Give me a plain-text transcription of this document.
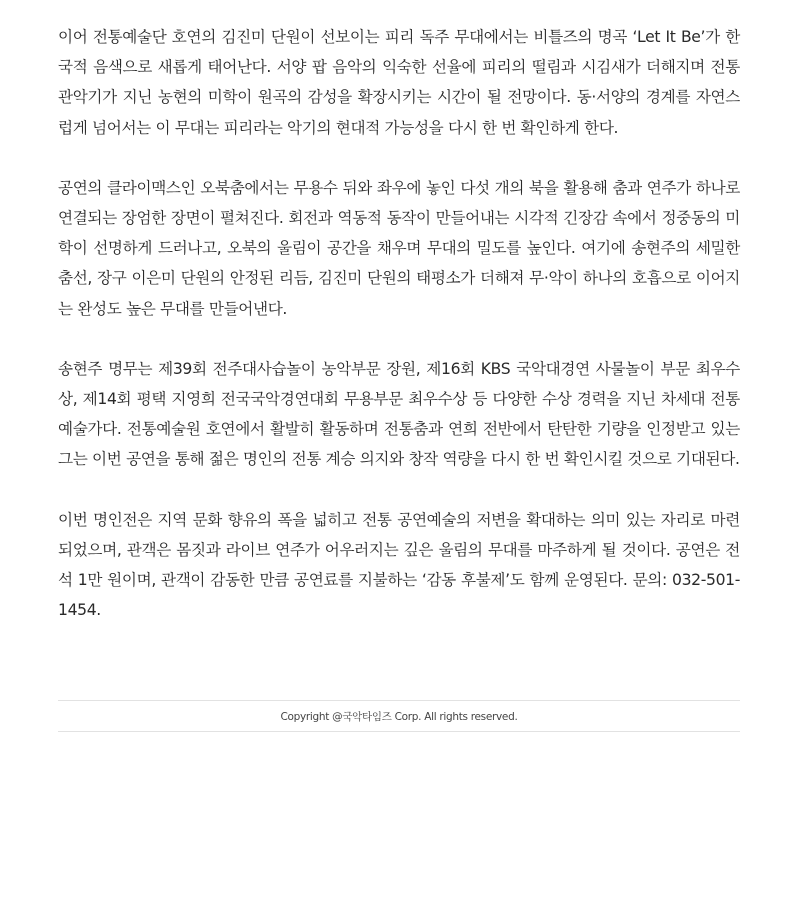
이어 전통예술단 호연의 김진미 단원이 선보이는 피리 독주 무대에서는 비틀즈의 명곡 ‘Let It Be’가 한국적 음색으로 새롭게 태어난다. 서양 팝 음악의 익숙한 선율에 피리의 떨림과 시김새가 더해지며 전통 관악기가 지닌 농현의 미학이 원곡의 감성을 확장시키는 시간이 될 전망이다. 동·서양의 경계를 자연스럽게 넘어서는 이 무대는 피리라는 악기의 현대적 가능성을 다시 한 번 확인하게 한다.

공연의 클라이맥스인 오북춤에서는 무용수 뒤와 좌우에 놓인 다섯 개의 북을 활용해 춤과 연주가 하나로 연결되는 장엄한 장면이 펼쳐진다. 회전과 역동적 동작이 만들어내는 시각적 긴장감 속에서 정중동의 미학이 선명하게 드러나고, 오북의 울림이 공간을 채우며 무대의 밀도를 높인다. 여기에 송현주의 세밀한 춤선, 장구 이은미 단원의 안정된 리듬, 김진미 단원의 태평소가 더해져 무·악이 하나의 호흡으로 이어지는 완성도 높은 무대를 만들어낸다.

송현주 명무는 제39회 전주대사습놀이 농악부문 장원, 제16회 KBS 국악대경연 사물놀이 부문 최우수상, 제14회 평택 지영희 전국국악경연대회 무용부문 최우수상 등 다양한 수상 경력을 지닌 차세대 전통예술가다. 전통예술원 호연에서 활발히 활동하며 전통춤과 연희 전반에서 탄탄한 기량을 인정받고 있는 그는 이번 공연을 통해 젊은 명인의 전통 계승 의지와 창작 역량을 다시 한 번 확인시킬 것으로 기대된다.

이번 명인전은 지역 문화 향유의 폭을 넓히고 전통 공연예술의 저변을 확대하는 의미 있는 자리로 마련되었으며, 관객은 몸짓과 라이브 연주가 어우러지는 깊은 울림의 무대를 마주하게 될 것이다. 공연은 전석 1만 원이며, 관객이 감동한 만큼 공연료를 지불하는 ‘감동 후불제’도 함께 운영된다. 문의: 032-501-1454.

Copyright @국악타임즈 Corp. All rights reserved.
